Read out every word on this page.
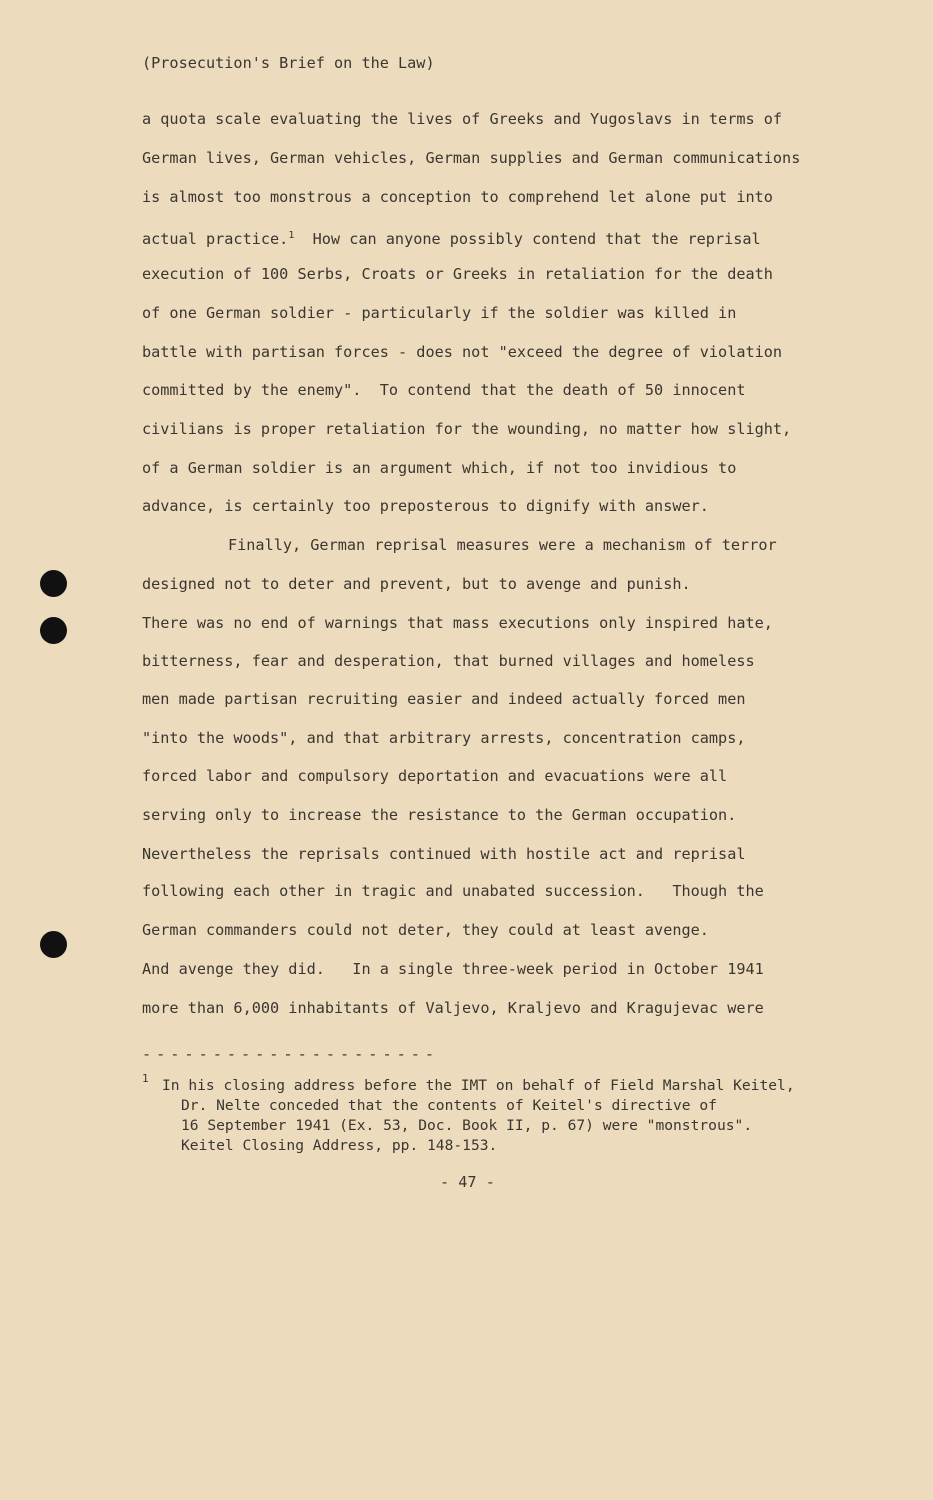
(Prosecution's Brief on the Law)
a quota scale evaluating the lives of Greeks and Yugoslavs in terms of
German lives, German vehicles, German supplies and German communications
is almost too monstrous a conception to comprehend let alone put into
actual practice.$^1$  How can anyone possibly contend that the reprisal
execution of 100 Serbs, Croats or Greeks in retaliation for the death
of one German soldier - particularly if the soldier was killed in
battle with partisan forces - does not "exceed the degree of violation
committed by the enemy".  To contend that the death of 50 innocent
civilians is proper retaliation for the wounding, no matter how slight,
of a German soldier is an argument which, if not too invidious to
advance, is certainly too preposterous to dignify with answer.
Finally, German reprisal measures were a mechanism of terror
designed not to deter and prevent, but to avenge and punish.
There was no end of warnings that mass executions only inspired hate,
bitterness, fear and desperation, that burned villages and homeless
men made partisan recruiting easier and indeed actually forced men
"into the woods", and that arbitrary arrests, concentration camps,
forced labor and compulsory deportation and evacuations were all
serving only to increase the resistance to the German occupation.
Nevertheless the reprisals continued with hostile act and reprisal
following each other in tragic and unabated succession.   Though the
German commanders could not deter, they could at least avenge.
And avenge they did.   In a single three-week period in October 1941
more than 6,000 inhabitants of Valjevo, Kraljevo and Kragujevac were
---------------------
1 In his closing address before the IMT on behalf of Field Marshal Keitel,
Dr. Nelte conceded that the contents of Keitel's directive of
16 September 1941 (Ex. 53, Doc. Book II, p. 67) were "monstrous".
Keitel Closing Address, pp. 148-153.
- 47 -
